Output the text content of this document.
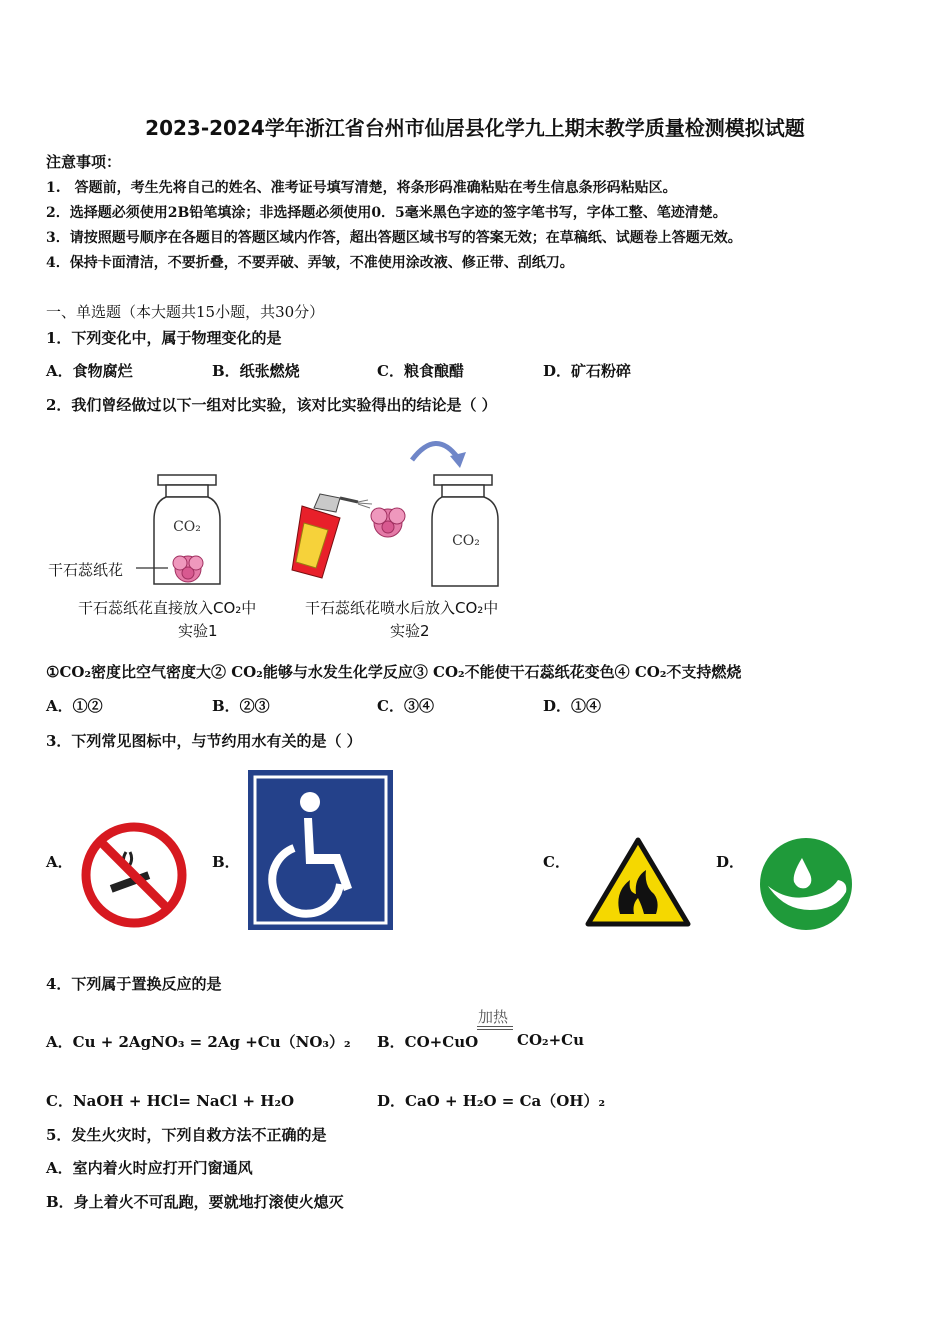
2023-2024学年浙江省台州市仙居县化学九上期末教学质量检测模拟试题
注意事项：
1.　答题前，考生先将自己的姓名、准考证号填写清楚，将条形码准确粘贴在考生信息条形码粘贴区。
2．选择题必须使用2B铅笔填涂；非选择题必须使用0．5毫米黑色字迹的签字笔书写，字体工整、笔迹清楚。
3．请按照题号顺序在各题目的答题区域内作答，超出答题区域书写的答案无效；在草稿纸、试题卷上答题无效。
4．保持卡面清洁，不要折叠，不要弄破、弄皱，不准使用涂改液、修正带、刮纸刀。
一、单选题（本大题共15小题，共30分）
1．下列变化中，属于物理变化的是
A．食物腐烂	B．纸张燃烧	C．粮食酿醋	D．矿石粉碎
2．我们曾经做过以下一组对比实验，该对比实验得出的结论是（ ）
CO₂
CO₂
干石蕊纸花
干石蕊纸花直接放入CO₂中
实验1
干石蕊纸花喷水后放入CO₂中
实验2
①CO₂密度比空气密度大② CO₂能够与水发生化学反应③ CO₂不能使干石蕊纸花变色④ CO₂不支持燃烧
A．①②	B．②③	C．③④	D．①④
3．下列常见图标中，与节约用水有关的是（ ）
A．	B．	C．	D．
4．下列属于置换反应的是
A．Cu + 2AgNO₃ = 2Ag +Cu（NO₃）₂ B．CO+CuO
加热
CO₂+Cu
C．NaOH + HCl= NaCl + H₂O	D．CaO + H₂O = Ca（OH）₂
5．发生火灾时，下列自救方法不正确的是
A．室内着火时应打开门窗通风
B．身上着火不可乱跑，要就地打滚使火熄灭
